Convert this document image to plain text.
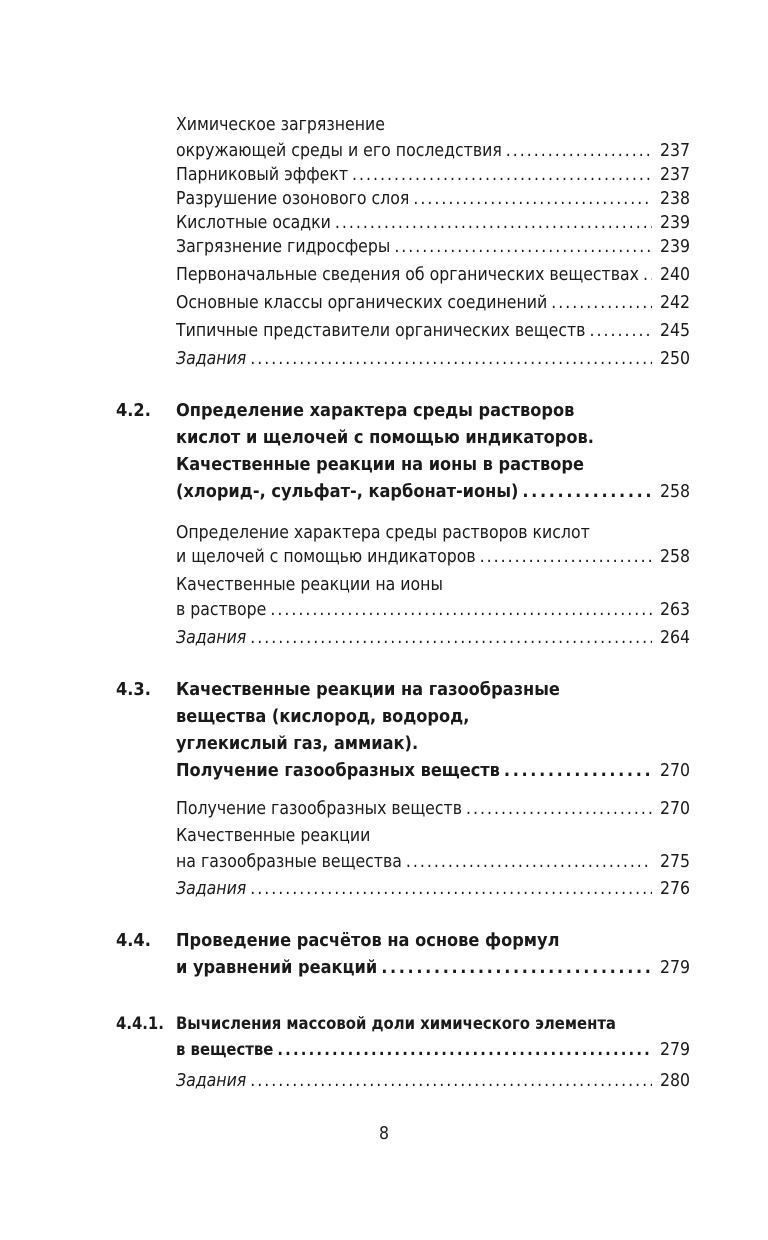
Химическое загрязнение
окружающей среды и его последствия . . .	237
Парниковый эффект . . .	237
Разрушение озонового слоя . . .	238
Кислотные осадки . . .	239
Загрязнение гидросферы . . .	239
Первоначальные сведения об органических веществах . . . 240
Основные классы органических соединений . . .	242
Типичные представители органических веществ . . .	245
Задания . . .	250
4.2. Определение характера среды растворов
кислот и щелочей с помощью индикаторов.
Качественные реакции на ионы в растворе
(хлорид-, сульфат-, карбонат-ионы) . . .	258
Определение характера среды растворов кислот
и щелочей с помощью индикаторов . . .	258
Качественные реакции на ионы
в растворе . . .	263
Задания . . .	264
4.3. Качественные реакции на газообразные
вещества (кислород, водород,
углекислый газ, аммиак).
Получение газообразных веществ . . .	270
Получение газообразных веществ . . .	270
Качественные реакции
на газообразные вещества . . .	275
Задания . . .	276
4.4. Проведение расчётов на основе формул
и уравнений реакций . . .	279
4.4.1. Вычисления массовой доли химического элемента
в веществе . . .	279
Задания . . .	280
8
